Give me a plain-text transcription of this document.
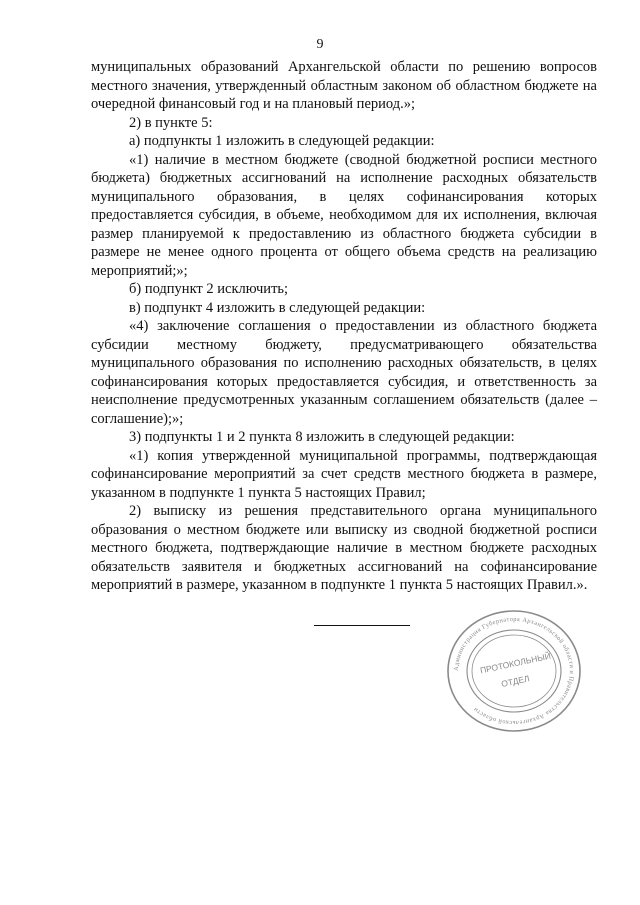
9

муниципальных образований Архангельской области по решению вопросов местного значения, утвержденный областным законом об областном бюджете на очередной финансовый год и на плановый период.»;

2) в пункте 5:

а) подпункты 1 изложить в следующей редакции:

«1) наличие в местном бюджете (сводной бюджетной росписи местного бюджета) бюджетных ассигнований на исполнение расходных обязательств муниципального образования, в целях софинансирования которых предоставляется субсидия, в объеме, необходимом для их исполнения, включая размер планируемой к предоставлению из областного бюджета субсидии в размере не менее одного процента от общего объема средств на реализацию мероприятий;»;

б) подпункт 2 исключить;

в) подпункт 4 изложить в следующей редакции:

«4) заключение соглашения о предоставлении из областного бюджета субсидии местному бюджету, предусматривающего обязательства муниципального образования по исполнению расходных обязательств, в целях софинансирования которых предоставляется субсидия, и ответственность за неисполнение предусмотренных указанным соглашением обязательств (далее – соглашение);»;

3) подпункты 1 и 2 пункта 8 изложить в следующей редакции:

«1) копия утвержденной муниципальной программы, подтверждающая софинансирование мероприятий за счет средств местного бюджета в размере, указанном в подпункте 1 пункта 5 настоящих Правил;

2) выписку из решения представительного органа муниципального образования о местном бюджете или выписку из сводной бюджетной росписи местного бюджета, подтверждающие наличие в местном бюджете расходных обязательств заявителя и бюджетных ассигнований на софинансирование мероприятий в размере, указанном в подпункте 1 пункта 5 настоящих Правил.».

Администрация Губернатора Архангельской области и Правительства Архангельской области
ПРОТОКОЛЬНЫЙ
ОТДЕЛ
